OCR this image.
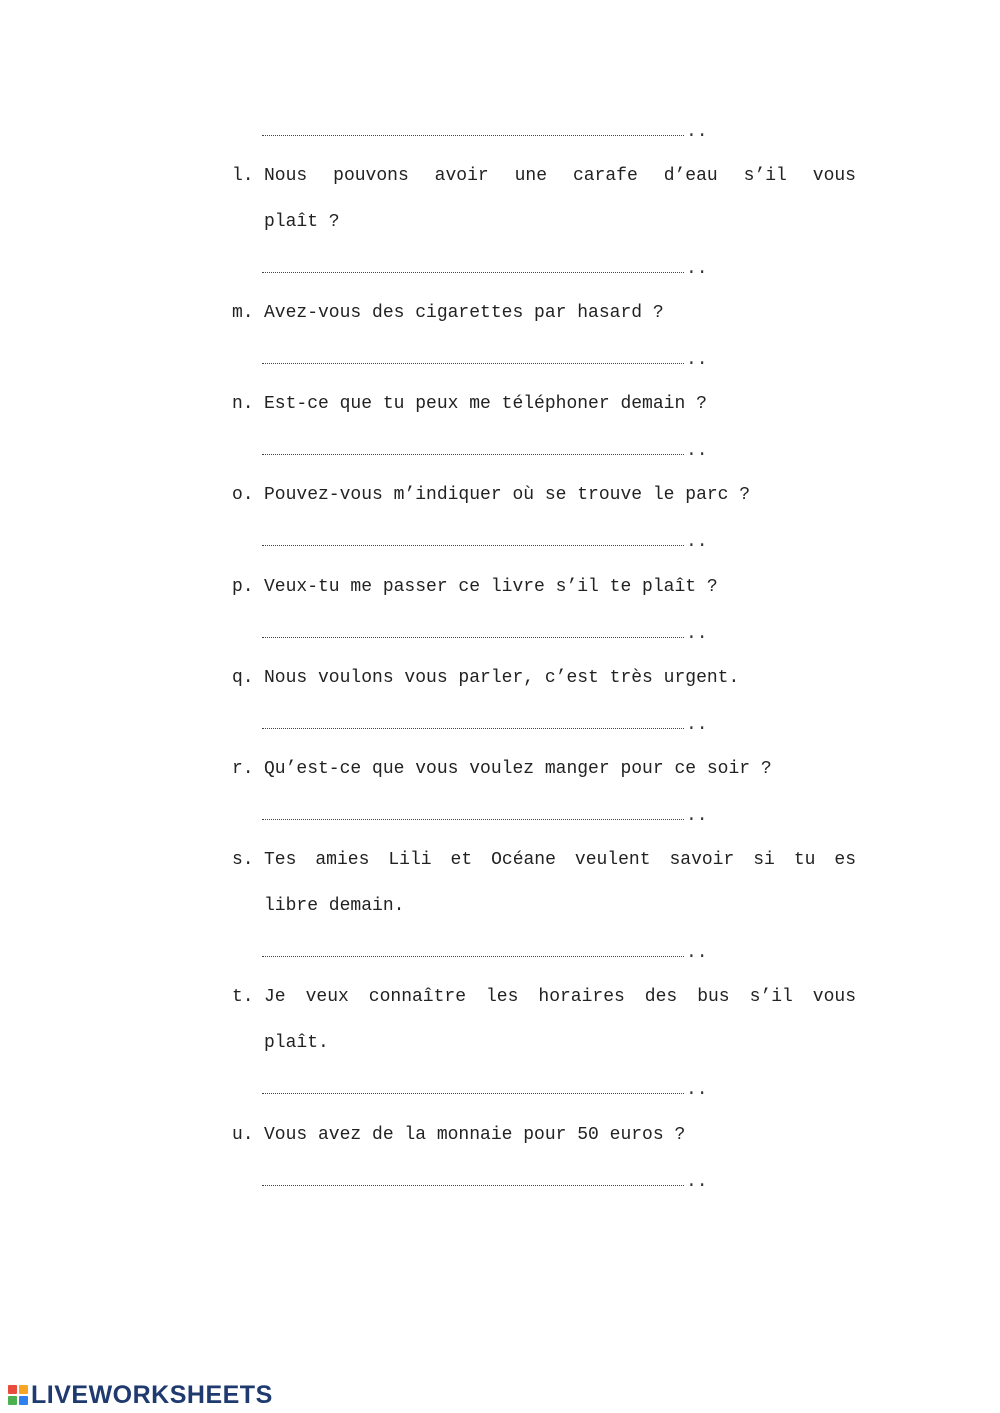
..
l. Nous pouvons avoir une carafe d’eau s’il vous
plaît ?
..
m. Avez-vous des cigarettes par hasard ?
..
n. Est-ce que tu peux me téléphoner demain ?
..
o. Pouvez-vous m’indiquer où se trouve le parc ?
..
p. Veux-tu me passer ce livre s’il te plaît ?
..
q. Nous voulons vous parler, c’est très urgent.
..
r. Qu’est-ce que vous voulez manger pour ce soir ?
..
s. Tes amies Lili et Océane veulent savoir si tu es
libre demain.
..
t. Je veux connaître les horaires des bus s’il vous
plaît.
..
u. Vous avez de la monnaie pour 50 euros ?
..
LIVEWORKSHEETS
